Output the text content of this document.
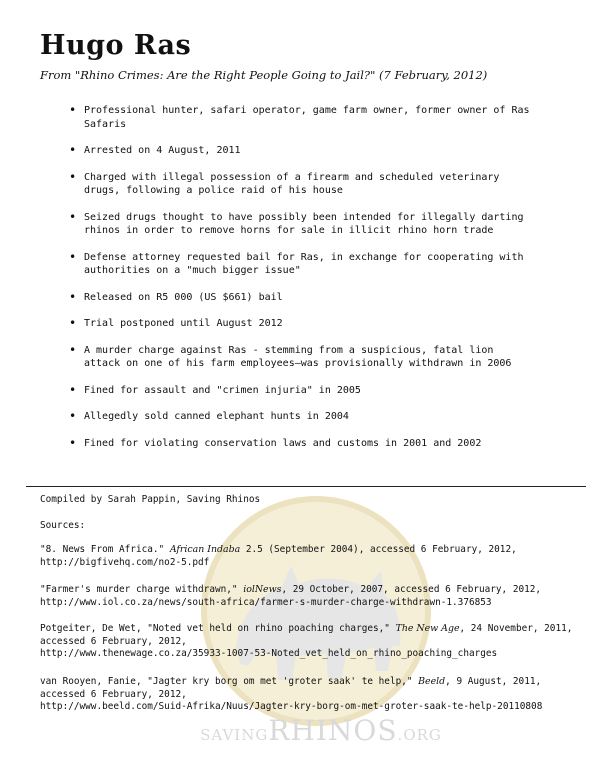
SAVINGRHINOS.ORG
Hugo Ras
From "Rhino Crimes: Are the Right People Going to Jail?" (7 February, 2012)
• Professional hunter, safari operator, game farm owner, former owner of Ras Safaris
• Arrested on 4 August, 2011
• Charged with illegal possession of a firearm and scheduled veterinary drugs, following a police raid of his house
• Seized drugs thought to have possibly been intended for illegally darting rhinos in order to remove horns for sale in illicit rhino horn trade
• Defense attorney requested bail for Ras, in exchange for cooperating with authorities on a "much bigger issue"
• Released on R5 000 (US $661) bail
• Trial postponed until August 2012
• A murder charge against Ras - stemming from a suspicious, fatal lion attack on one of his farm employees—was provisionally withdrawn in 2006
• Fined for assault and "crimen injuria" in 2005
• Allegedly sold canned elephant hunts in 2004
• Fined for violating conservation laws and customs in 2001 and 2002
Compiled by Sarah Pappin, Saving Rhinos
Sources:
"8. News From Africa." African Indaba 2.5 (September 2004), accessed 6 February, 2012,
http://bigfivehq.com/no2-5.pdf
"Farmer's murder charge withdrawn," iolNews, 29 October, 2007, accessed 6 February, 2012,
http://www.iol.co.za/news/south-africa/farmer-s-murder-charge-withdrawn-1.376853
Potgeiter, De Wet, "Noted vet held on rhino poaching charges," The New Age, 24 November, 2011, accessed 6 February, 2012,
http://www.thenewage.co.za/35933-1007-53-Noted_vet_held_on_rhino_poaching_charges
van Rooyen, Fanie, "Jagter kry borg om met 'groter saak' te help," Beeld, 9 August, 2011, accessed 6 February, 2012,
http://www.beeld.com/Suid-Afrika/Nuus/Jagter-kry-borg-om-met-groter-saak-te-help-20110808
